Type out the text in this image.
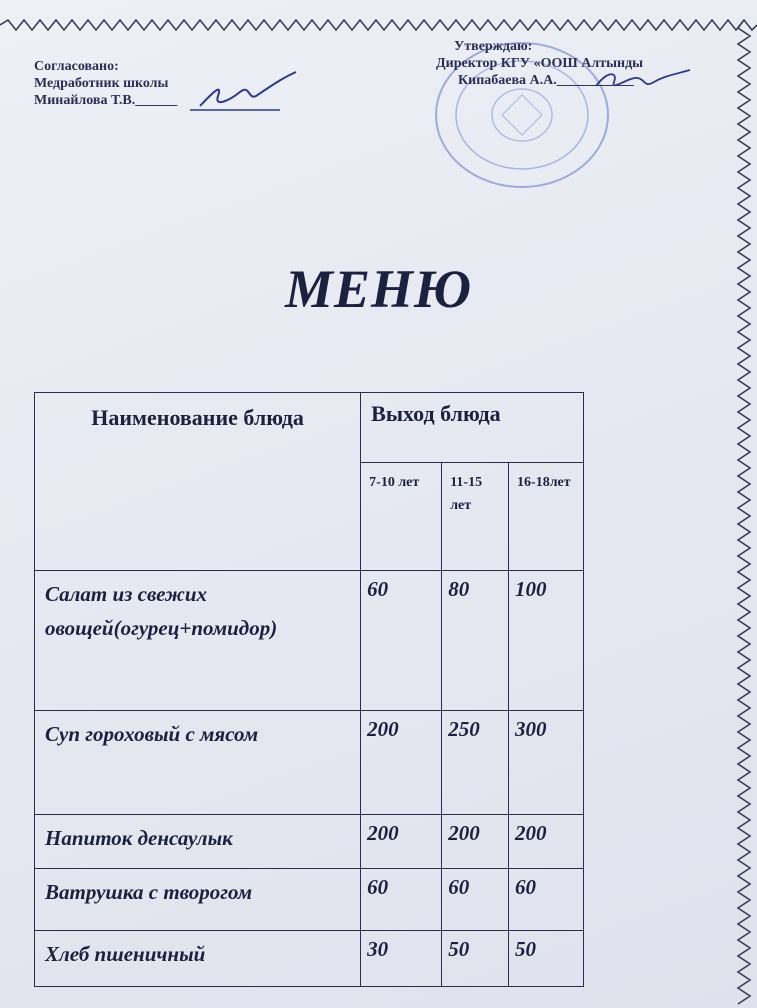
Согласовано:
Медработник школы
Минайлова Т.В.______
Утверждаю:
Директор КГУ «ООШ Алтынды
Кипабаева А.А.___________
МЕНЮ
Наименование блюда	Выход блюда		
	7-10 лет	11-15 лет	16-18лет
Салат из свежих овощей(огурец+помидор)	60	80	100
Суп гороховый с мясом	200	250	300
Напиток денсаулык	200	200	200
Ватрушка с творогом	60	60	60
Хлеб пшеничный	30	50	50
